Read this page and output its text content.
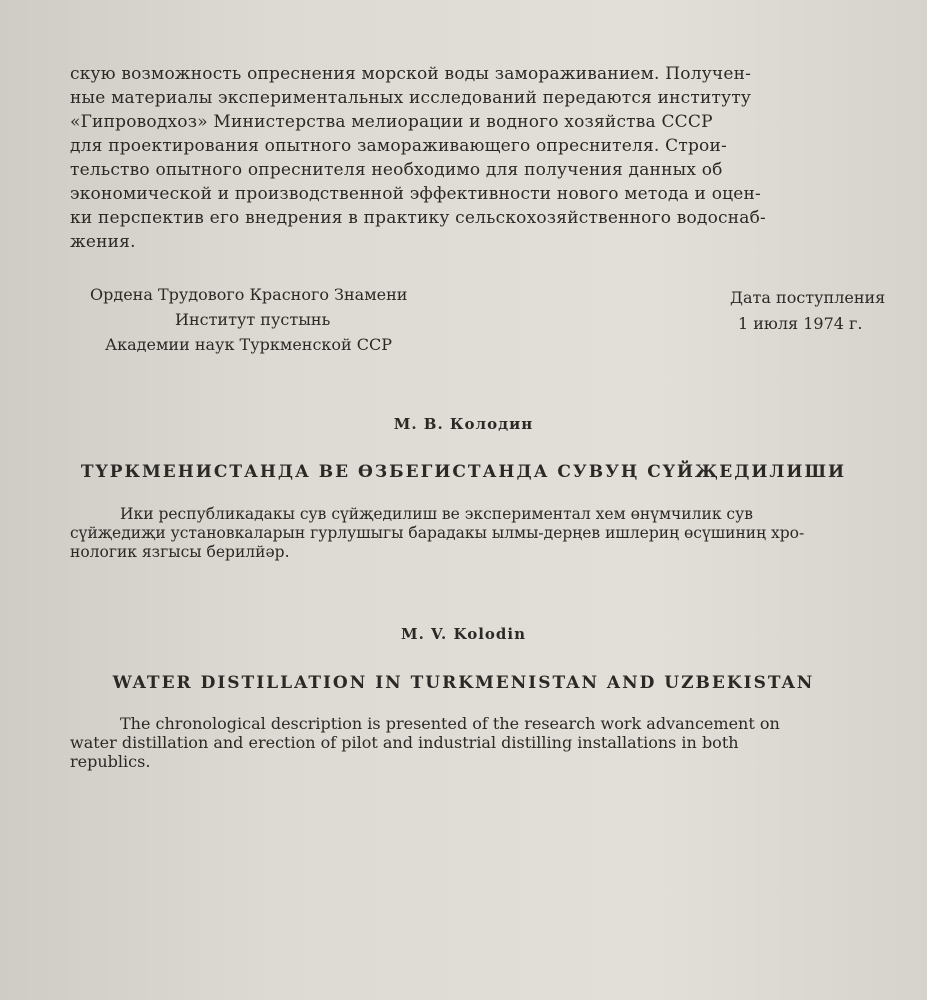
скую возможность опреснения морской воды замораживанием. Получен-
ные материалы экспериментальных исследований передаются институту
«Гипроводхоз» Министерства мелиорации и водного хозяйства СССР
для проектирования опытного замораживающего опреснителя. Строи-
тельство опытного опреснителя необходимо для получения данных об
экономической и производственной эффективности нового метода и оцен-
ки перспектив его внедрения в практику сельскохозяйственного водоснаб-
жения.
Ордена Трудового Красного Знамени
Институт пустынь
Академии наук Туркменской ССР
Дата поступления
1 июля 1974 г.
М. В. Колодин
ТҮРКМЕНИСТАНДА ВЕ ӨЗБЕГИСТАНДА СУВУҢ СҮЙҖЕДИЛИШИ
Ики республикадакы сув сүйҗедилиш ве экспериментал хем өнүмчилик сув
сүйҗедиҗи установкаларын гурлушыгы барадакы ылмы-дерңев ишлериң өсүшиниң хро-
нологик язгысы берилйәр.
M. V. Kolodin
WATER DISTILLATION IN TURKMENISTAN AND UZBEKISTAN
The chronological description is presented of the research work advancement on
water distillation and erection of pilot and industrial distilling installations in both
republics.
